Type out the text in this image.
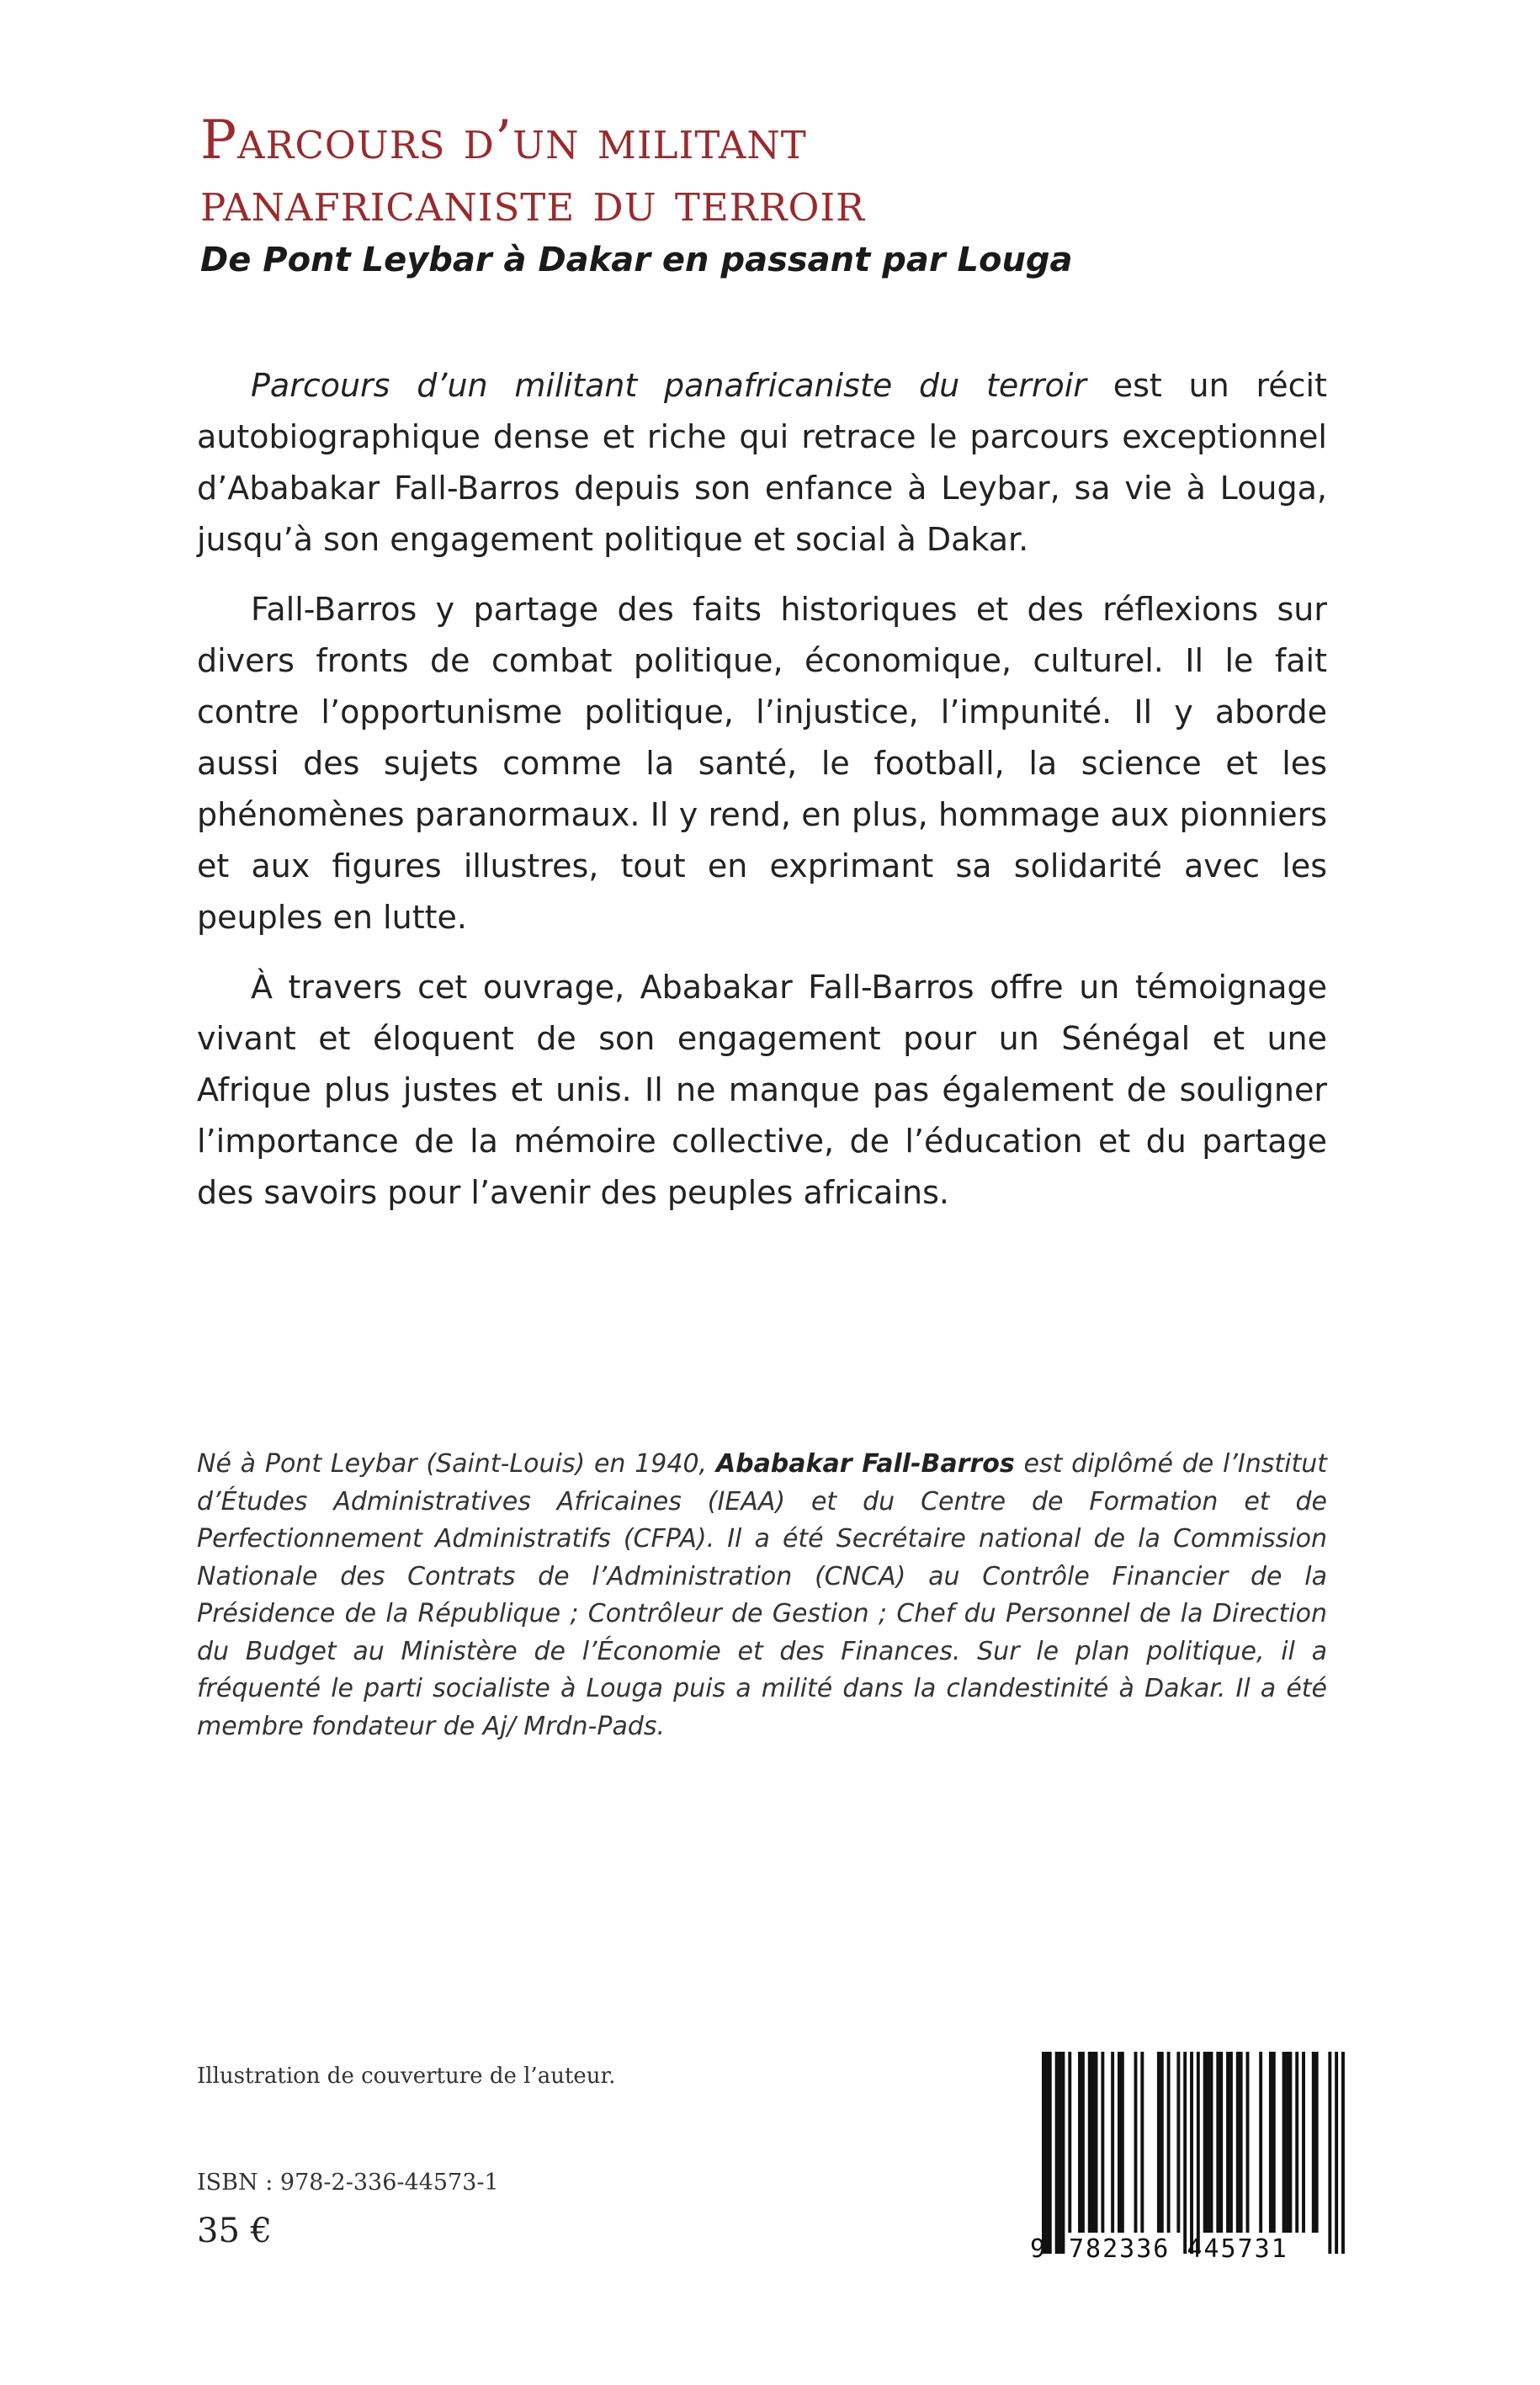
Parcours d’un militant
panafricaniste du terroir
De Pont Leybar à Dakar en passant par Louga

Parcours d’un militant panafricaniste du terroir est un récit autobiographique dense et riche qui retrace le parcours exceptionnel d’Ababakar Fall-Barros depuis son enfance à Leybar, sa vie à Louga, jusqu’à son engagement politique et social à Dakar.

Fall-Barros y partage des faits historiques et des réflexions sur divers fronts de combat politique, économique, culturel. Il le fait contre l’opportunisme politique, l’injustice, l’impunité. Il y aborde aussi des sujets comme la santé, le football, la science et les phénomènes paranormaux. Il y rend, en plus, hommage aux pionniers et aux figures illustres, tout en exprimant sa solidarité avec les peuples en lutte.

À travers cet ouvrage, Ababakar Fall-Barros offre un témoignage vivant et éloquent de son engagement pour un Sénégal et une Afrique plus justes et unis. Il ne manque pas également de souligner l’importance de la mémoire collective, de l’éducation et du partage des savoirs pour l’avenir des peuples africains.

Né à Pont Leybar (Saint-Louis) en 1940, Ababakar Fall-Barros est diplômé de l’Institut d’Études Administratives Africaines (IEAA) et du Centre de Formation et de Perfectionnement Administratifs (CFPA). Il a été Secrétaire national de la Commission Nationale des Contrats de l’Administration (CNCA) au Contrôle Financier de la Présidence de la République ; Contrôleur de Gestion ; Chef du Personnel de la Direction du Budget au Ministère de l’Économie et des Finances. Sur le plan politique, il a fréquenté le parti socialiste à Louga puis a milité dans la clandestinité à Dakar. Il a été membre fondateur de Aj/ Mrdn-Pads.

Illustration de couverture de l’auteur.
ISBN : 978-2-336-44573-1
35 €	9 782336 445731
